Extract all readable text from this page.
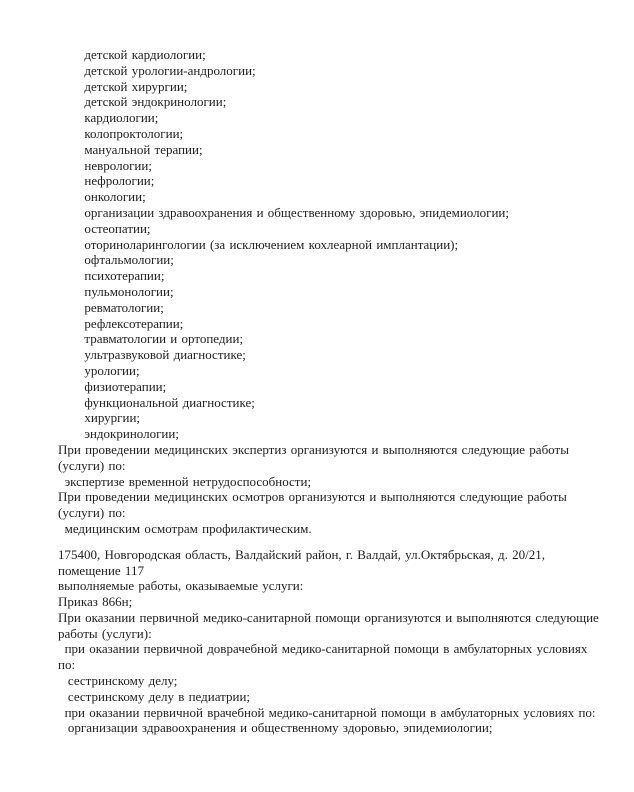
детской кардиологии;
детской урологии-андрологии;
детской хирургии;
детской эндокринологии;
кардиологии;
колопроктологии;
мануальной терапии;
неврологии;
нефрологии;
онкологии;
организации здравоохранения и общественному здоровью, эпидемиологии;
остеопатии;
оториноларингологии (за исключением кохлеарной имплантации);
офтальмологии;
психотерапии;
пульмонологии;
ревматологии;
рефлексотерапии;
травматологии и ортопедии;
ультразвуковой диагностике;
урологии;
физиотерапии;
функциональной диагностике;
хирургии;
эндокринологии;
При проведении медицинских экспертиз организуются и выполняются следующие работы
(услуги) по:
экспертизе временной нетрудоспособности;
При проведении медицинских осмотров организуются и выполняются следующие работы
(услуги) по:
медицинским осмотрам профилактическим.
175400, Новгородская область, Валдайский район, г. Валдай, ул.Октябрьская, д. 20/21,
помещение 117
выполняемые работы, оказываемые услуги:
Приказ 866н;
При оказании первичной медико-санитарной помощи организуются и выполняются следующие
работы (услуги):
при оказании первичной доврачебной медико-санитарной помощи в амбулаторных условиях
по:
сестринскому делу;
сестринскому делу в педиатрии;
при оказании первичной врачебной медико-санитарной помощи в амбулаторных условиях по:
организации здравоохранения и общественному здоровью, эпидемиологии;
